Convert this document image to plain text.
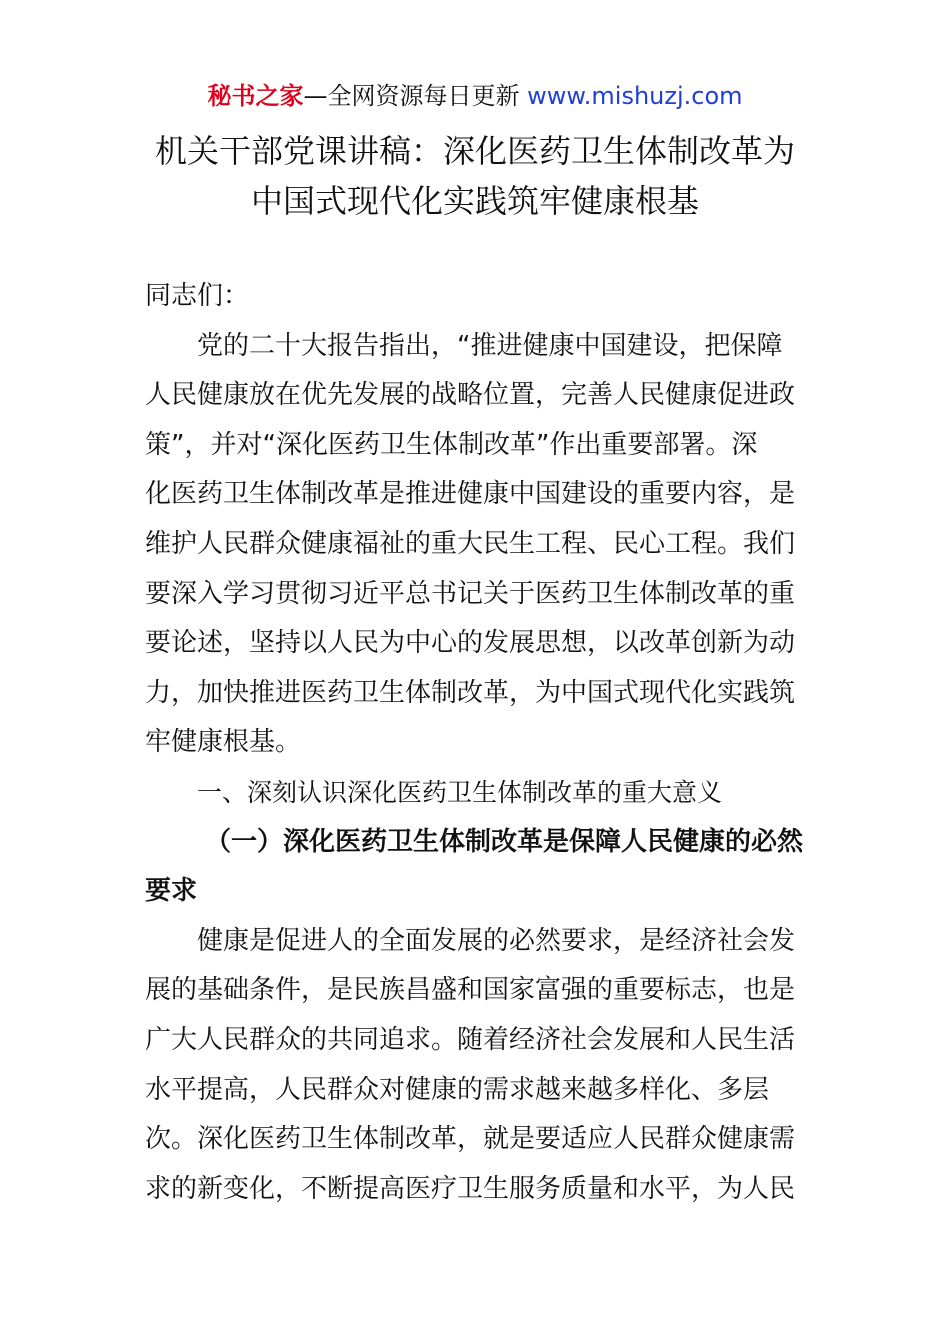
秘书之家—全网资源每日更新 www.mishuzj.com
机关干部党课讲稿：深化医药卫生体制改革为
中国式现代化实践筑牢健康根基
同志们：
党的二十大报告指出，“推进健康中国建设，把保障
人民健康放在优先发展的战略位置，完善人民健康促进政
策”，并对“深化医药卫生体制改革”作出重要部署。深
化医药卫生体制改革是推进健康中国建设的重要内容，是
维护人民群众健康福祉的重大民生工程、民心工程。我们
要深入学习贯彻习近平总书记关于医药卫生体制改革的重
要论述，坚持以人民为中心的发展思想，以改革创新为动
力，加快推进医药卫生体制改革，为中国式现代化实践筑
牢健康根基。
一、深刻认识深化医药卫生体制改革的重大意义
（一）深化医药卫生体制改革是保障人民健康的必然
要求
健康是促进人的全面发展的必然要求，是经济社会发
展的基础条件，是民族昌盛和国家富强的重要标志，也是
广大人民群众的共同追求。随着经济社会发展和人民生活
水平提高，人民群众对健康的需求越来越多样化、多层
次。深化医药卫生体制改革，就是要适应人民群众健康需
求的新变化，不断提高医疗卫生服务质量和水平，为人民
